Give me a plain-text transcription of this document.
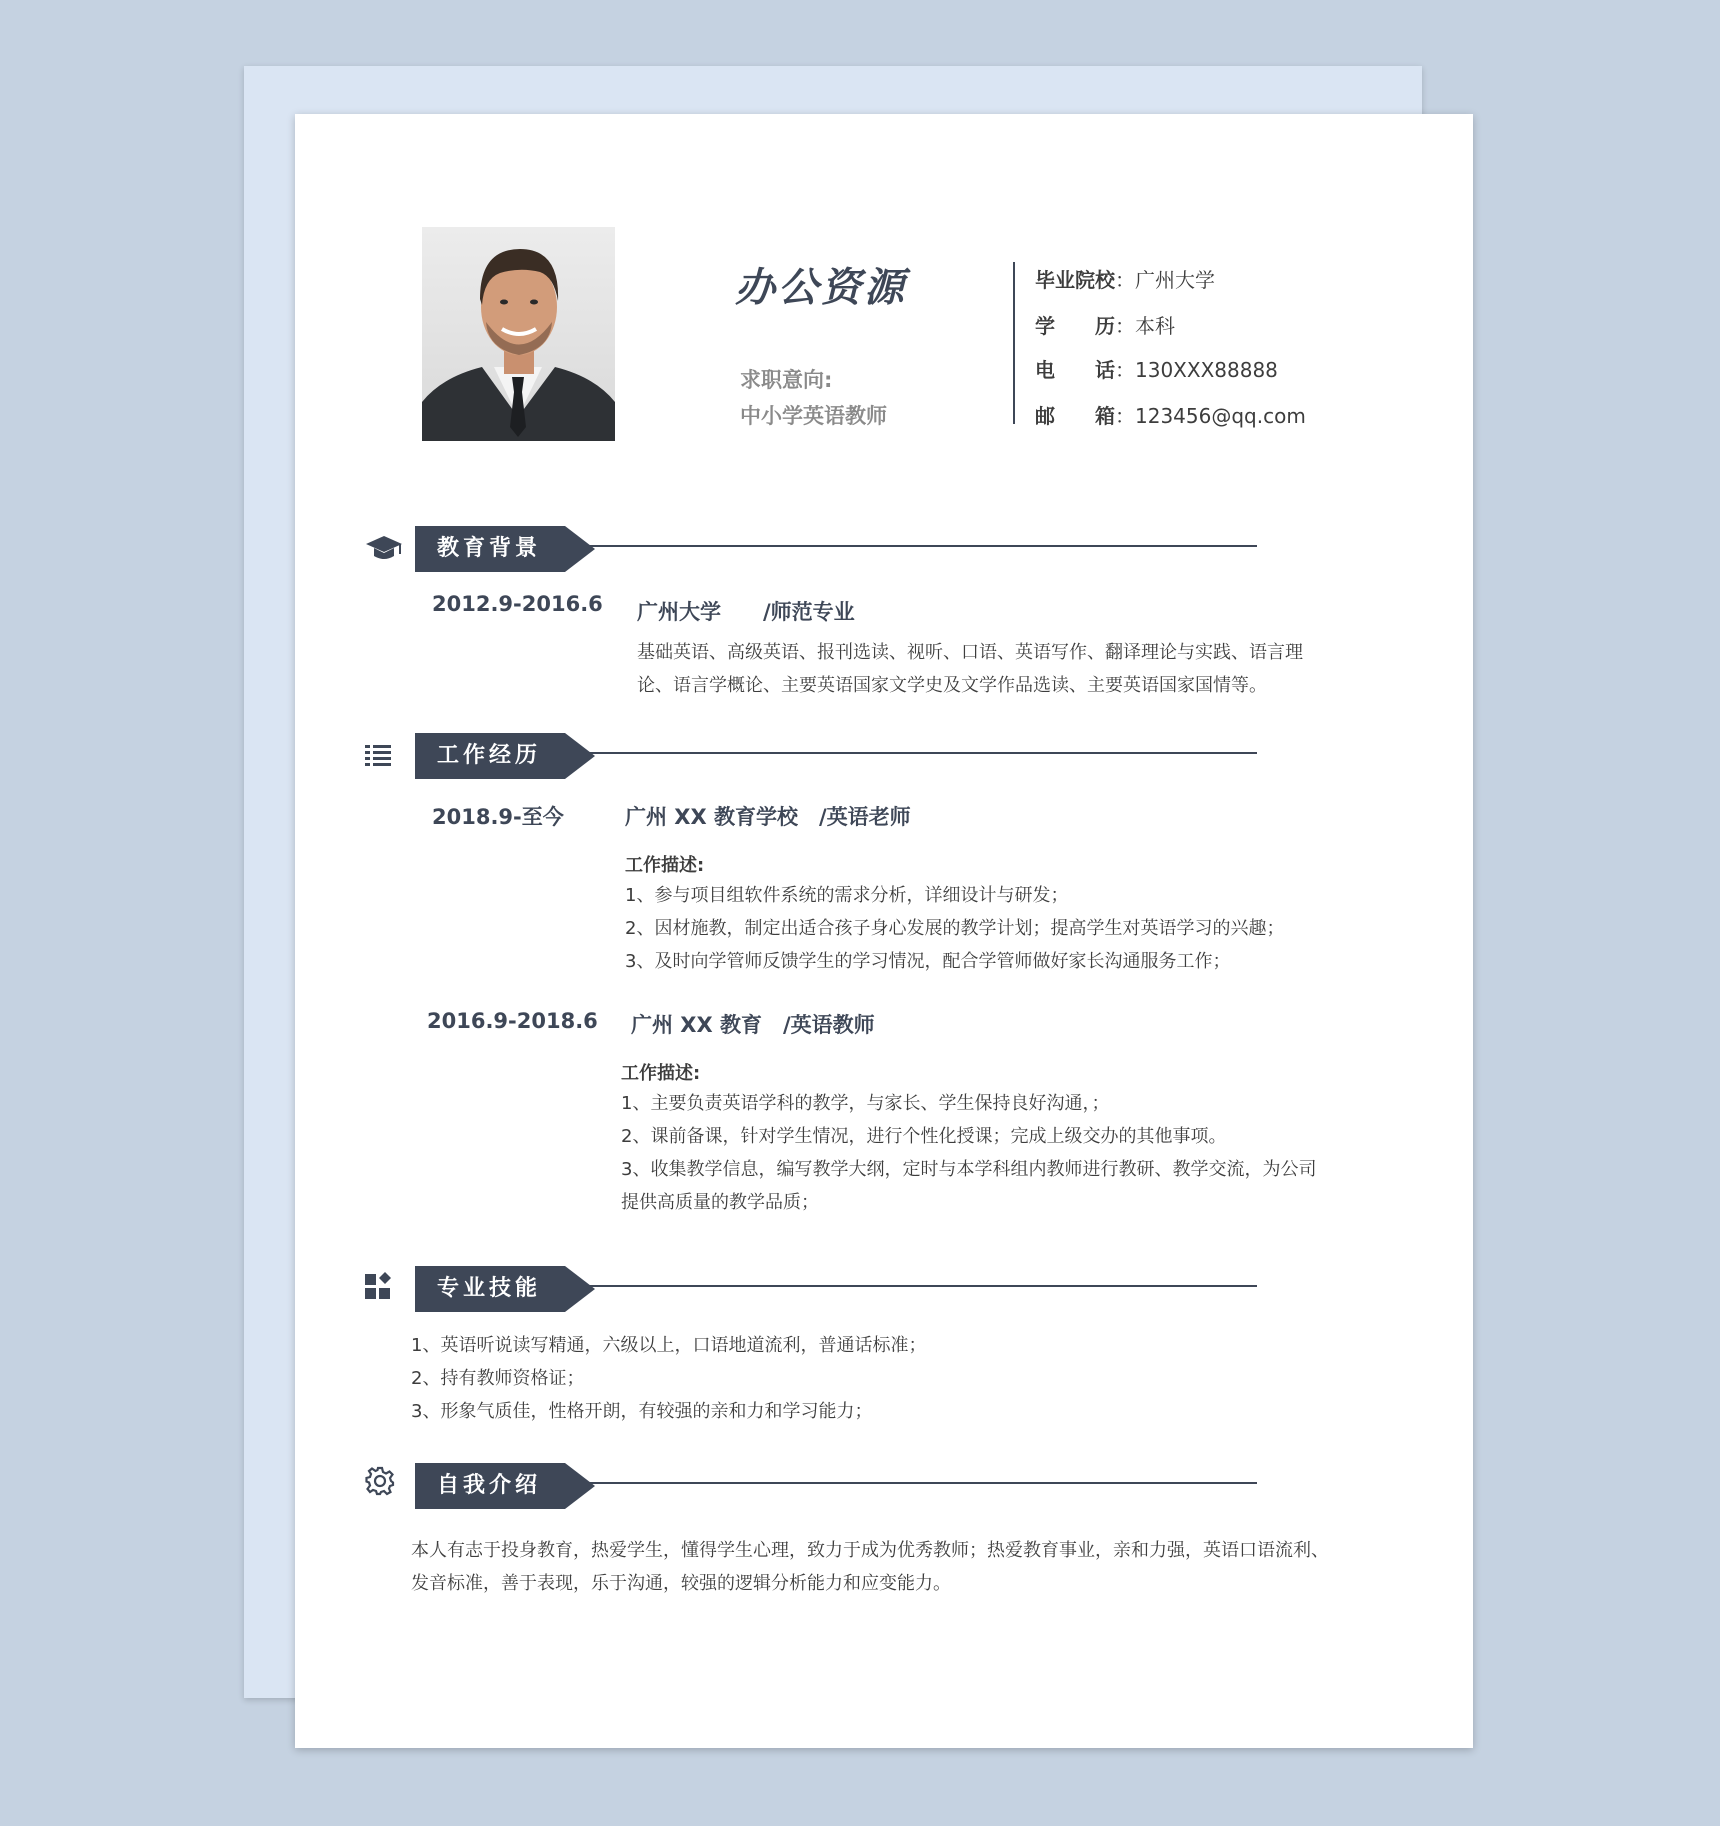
办公资源
求职意向:
中小学英语教师
毕业院校：广州大学
学　　历：本科
电　　话：130XXX88888
邮　　箱：123456@qq.com
教育背景
2012.9-2016.6 广州大学　　/师范专业
基础英语、高级英语、报刊选读、视听、口语、英语写作、翻译理论与实践、语言理论、语言学概论、主要英语国家文学史及文学作品选读、主要英语国家国情等。
工作经历
2018.9-至今	广州 XX 教育学校　/英语老师
工作描述:
1、参与项目组软件系统的需求分析，详细设计与研发；
2、因材施教，制定出适合孩子身心发展的教学计划；提高学生对英语学习的兴趣；
3、及时向学管师反馈学生的学习情况，配合学管师做好家长沟通服务工作；
2016.9-2018.6 广州 XX 教育　/英语教师
工作描述:
1、主要负责英语学科的教学，与家长、学生保持良好沟通，；
2、课前备课，针对学生情况，进行个性化授课；完成上级交办的其他事项。
3、收集教学信息，编写教学大纲，定时与本学科组内教师进行教研、教学交流，为公司提供高质量的教学品质；
专业技能
1、英语听说读写精通，六级以上，口语地道流利，普通话标准；
2、持有教师资格证；
3、形象气质佳，性格开朗，有较强的亲和力和学习能力；
自我介绍
本人有志于投身教育，热爱学生，懂得学生心理，致力于成为优秀教师；热爱教育事业，亲和力强，英语口语流利、发音标准，善于表现，乐于沟通，较强的逻辑分析能力和应变能力。
